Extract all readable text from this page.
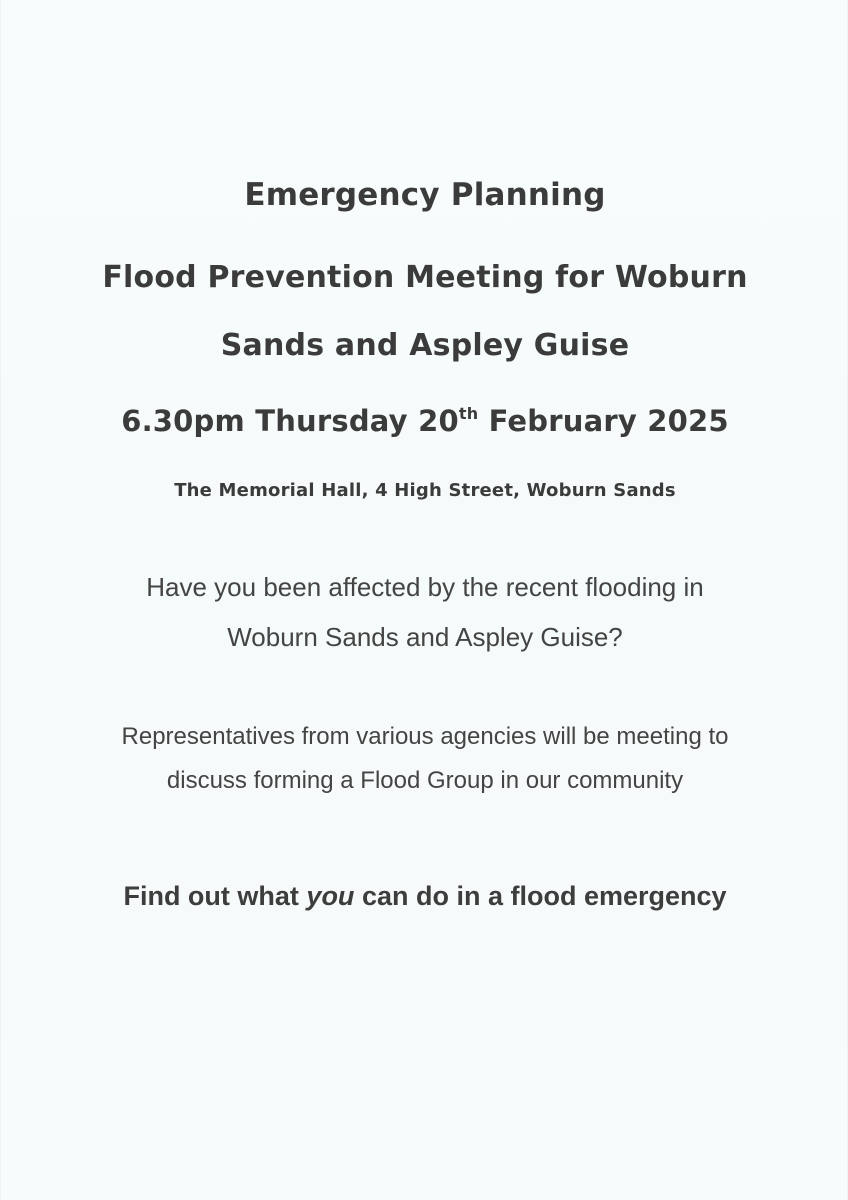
Emergency Planning
Flood Prevention Meeting for Woburn
Sands and Aspley Guise
6.30pm Thursday 20th February 2025
The Memorial Hall, 4 High Street, Woburn Sands
Have you been affected by the recent flooding in
Woburn Sands and Aspley Guise?
Representatives from various agencies will be meeting to
discuss forming a Flood Group in our community
Find out what you can do in a flood emergency
